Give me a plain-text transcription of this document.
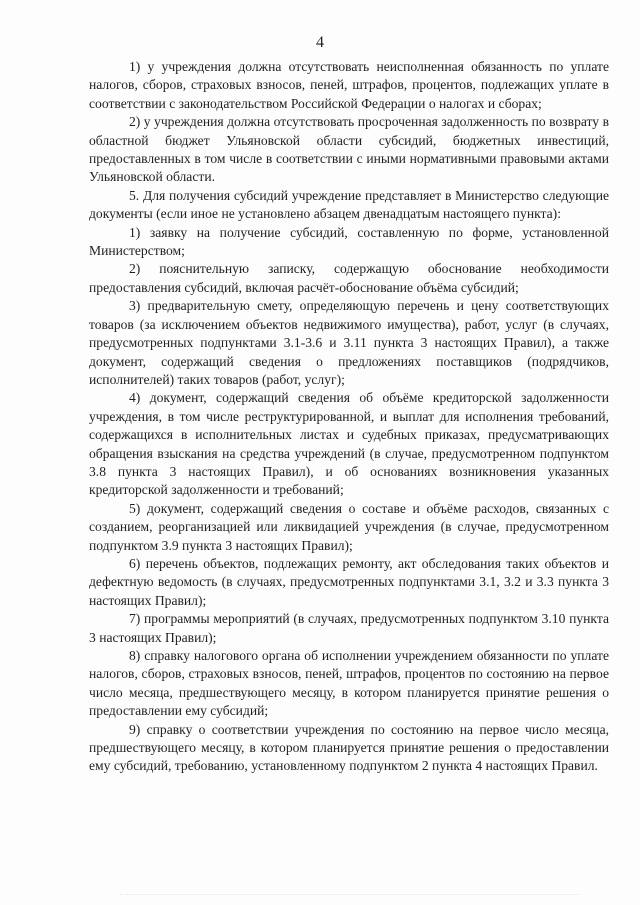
4

1) у учреждения должна отсутствовать неисполненная обязанность по уплате налогов, сборов, страховых взносов, пеней, штрафов, процентов, подлежащих уплате в соответствии с законодательством Российской Федерации о налогах и сборах;

2) у учреждения должна отсутствовать просроченная задолженность по возврату в областной бюджет Ульяновской области субсидий, бюджетных инвестиций, предоставленных в том числе в соответствии с иными нормативными правовыми актами Ульяновской области.

5. Для получения субсидий учреждение представляет в Министерство следующие документы (если иное не установлено абзацем двенадцатым настоящего пункта):

1) заявку на получение субсидий, составленную по форме, установленной Министерством;

2) пояснительную записку, содержащую обоснование необходимости предоставления субсидий, включая расчёт-обоснование объёма субсидий;

3) предварительную смету, определяющую перечень и цену соответствующих товаров (за исключением объектов недвижимого имущества), работ, услуг (в случаях, предусмотренных подпунктами 3.1-3.6 и 3.11 пункта 3 настоящих Правил), а также документ, содержащий сведения о предложениях поставщиков (подрядчиков, исполнителей) таких товаров (работ, услуг);

4) документ, содержащий сведения об объёме кредиторской задолженности учреждения, в том числе реструктурированной, и выплат для исполнения требований, содержащихся в исполнительных листах и судебных приказах, предусматривающих обращения взыскания на средства учреждений (в случае, предусмотренном подпунктом 3.8 пункта 3 настоящих Правил), и об основаниях возникновения указанных кредиторской задолженности и требований;

5) документ, содержащий сведения о составе и объёме расходов, связанных с созданием, реорганизацией или ликвидацией учреждения (в случае, предусмотренном подпунктом 3.9 пункта 3 настоящих Правил);

6) перечень объектов, подлежащих ремонту, акт обследования таких объектов и дефектную ведомость (в случаях, предусмотренных подпунктами 3.1, 3.2 и 3.3 пункта 3 настоящих Правил);

7) программы мероприятий (в случаях, предусмотренных подпунктом 3.10 пункта 3 настоящих Правил);

8) справку налогового органа об исполнении учреждением обязанности по уплате налогов, сборов, страховых взносов, пеней, штрафов, процентов по состоянию на первое число месяца, предшествующего месяцу, в котором планируется принятие решения о предоставлении ему субсидий;

9) справку о соответствии учреждения по состоянию на первое число месяца, предшествующего месяцу, в котором планируется принятие решения о предоставлении ему субсидий, требованию, установленному подпунктом 2 пункта 4 настоящих Правил.
